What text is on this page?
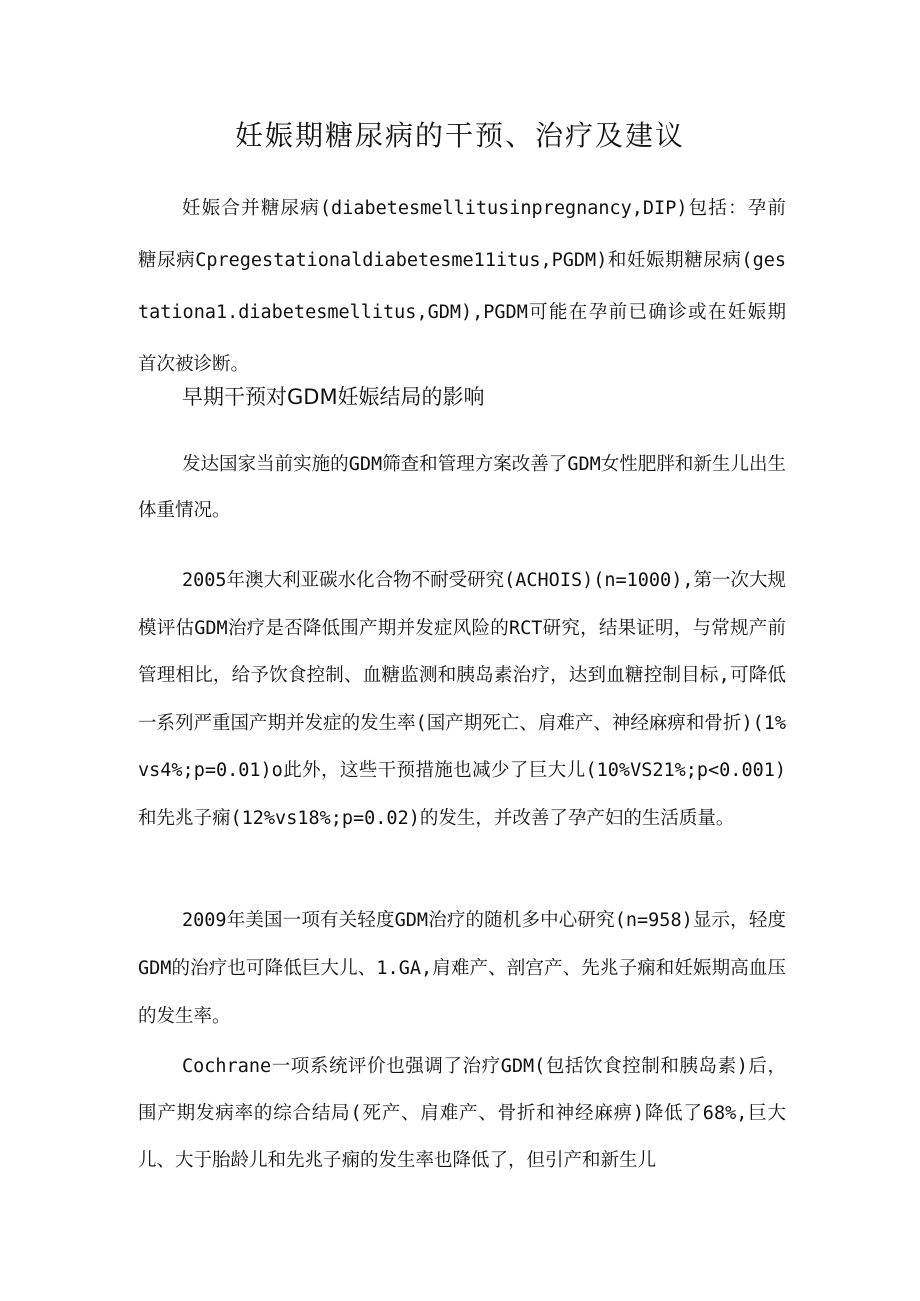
妊娠期糖尿病的干预、治疗及建议

妊娠合并糖尿病(diabetesmellitusinpregnancy,DIP)包括：孕前糖尿病Cpregestationaldiabetesme11itus,PGDM)和妊娠期糖尿病(gestationa1.diabetesmellitus,GDM),PGDM可能在孕前已确诊或在妊娠期首次被诊断。

早期干预对GDM妊娠结局的影响

发达国家当前实施的GDM筛查和管理方案改善了GDM女性肥胖和新生儿出生体重情况。

2005年澳大利亚碳水化合物不耐受研究(ACHOIS)(n=1000),第一次大规模评估GDM治疗是否降低围产期并发症风险的RCT研究，结果证明，与常规产前管理相比，给予饮食控制、血糖监测和胰岛素治疗，达到血糖控制目标,可降低一系列严重国产期并发症的发生率(国产期死亡、肩难产、神经麻痹和骨折)(1%vs4%;p=0.01)o此外，这些干预措施也减少了巨大儿(10%VS21%;p<0.001)和先兆子痫(12%vs18%;p=0.02)的发生，并改善了孕产妇的生活质量。

2009年美国一项有关轻度GDM治疗的随机多中心研究(n=958)显示，轻度GDM的治疗也可降低巨大儿、1.GA,肩难产、剖宫产、先兆子痫和妊娠期高血压的发生率。

Cochrane一项系统评价也强调了治疗GDM(包括饮食控制和胰岛素)后，围产期发病率的综合结局(死产、肩难产、骨折和神经麻痹)降低了68%,巨大儿、大于胎龄儿和先兆子痫的发生率也降低了，但引产和新生儿
